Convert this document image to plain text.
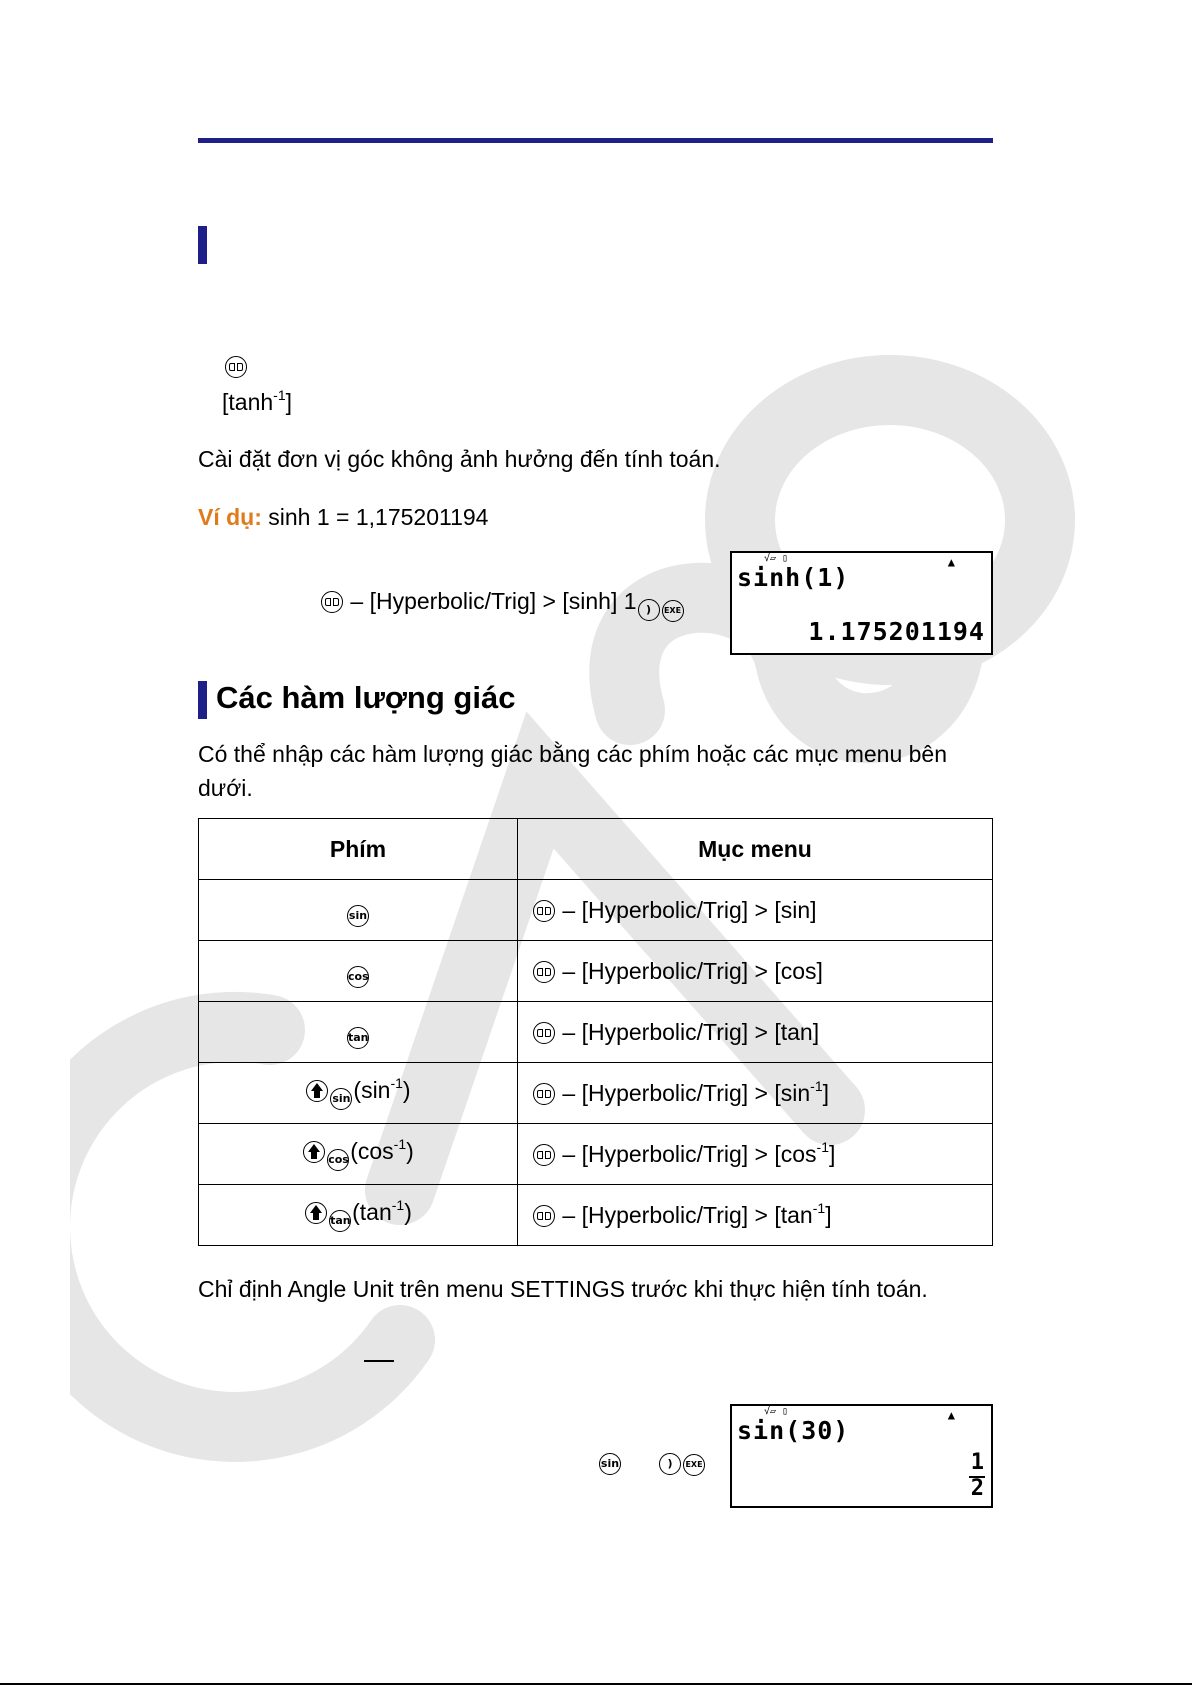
$[\tanh^{-1}]$
Cài đặt đơn vị góc không ảnh hưởng đến tính toán.
Ví dụ: sinh 1 = 1,175201194
– [Hyperbolic/Trig] > [sinh] 1 ) EXE
√▱ ▯	▲
sinh(1)
1.175201194
Các hàm lượng giác
Có thể nhập các hàm lượng giác bằng các phím hoặc các mục menu bên
dưới.
Phím	Mục menu
sin	– [Hyperbolic/Trig] > [sin]
cos	– [Hyperbolic/Trig] > [cos]
tan	– [Hyperbolic/Trig] > [tan]
$\sin (\sin^{-1})$	– [Hyperbolic/Trig] > $[\sin^{-1}]$
$\cos(\cos^{-1})$	– [Hyperbolic/Trig] > $[\cos^{-1}]$
$\tan(\tan^{-1})$	– [Hyperbolic/Trig] > $[\tan^{-1}]$
Chỉ định Angle Unit trên menu SETTINGS trước khi thực hiện tính toán.
sin	) EXE
√▱ ▯	▲
sin(30)
1
2
